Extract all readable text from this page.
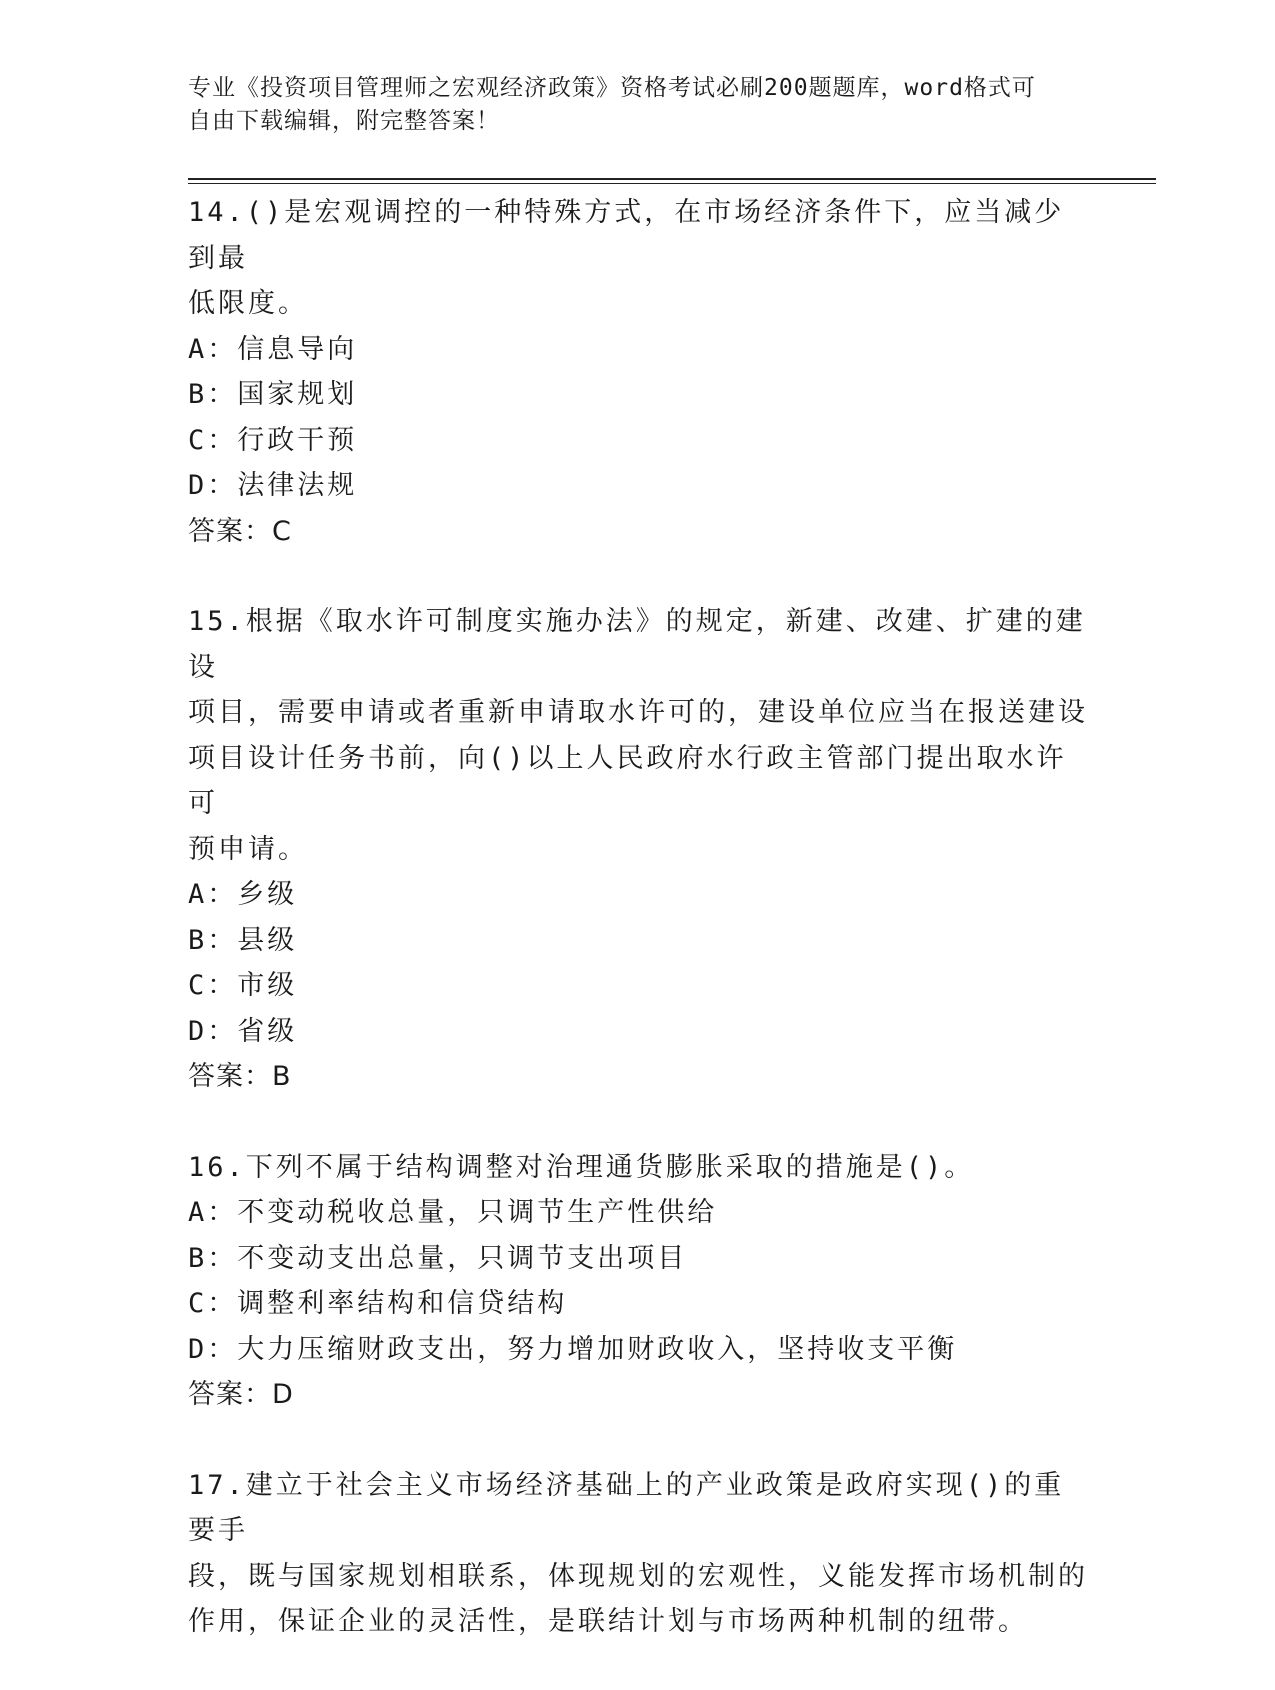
专业《投资项目管理师之宏观经济政策》资格考试必刷200题题库，word格式可
自由下载编辑，附完整答案！

14.()是宏观调控的一种特殊方式，在市场经济条件下，应当减少到最

低限度。

A：信息导向

B：国家规划

C：行政干预

D：法律法规

答案：C

15.根据《取水许可制度实施办法》的规定，新建、改建、扩建的建设

项目，需要申请或者重新申请取水许可的，建设单位应当在报送建设

项目设计任务书前，向()以上人民政府水行政主管部门提出取水许可

预申请。

A：乡级

B：县级

C：市级

D：省级

答案：B

16.下列不属于结构调整对治理通货膨胀采取的措施是()。

A：不变动税收总量，只调节生产性供给

B：不变动支出总量，只调节支出项目

C：调整利率结构和信贷结构

D：大力压缩财政支出，努力增加财政收入，坚持收支平衡

答案：D

17.建立于社会主义市场经济基础上的产业政策是政府实现()的重要手

段，既与国家规划相联系，体现规划的宏观性，义能发挥市场机制的

作用，保证企业的灵活性，是联结计划与市场两种机制的纽带。
